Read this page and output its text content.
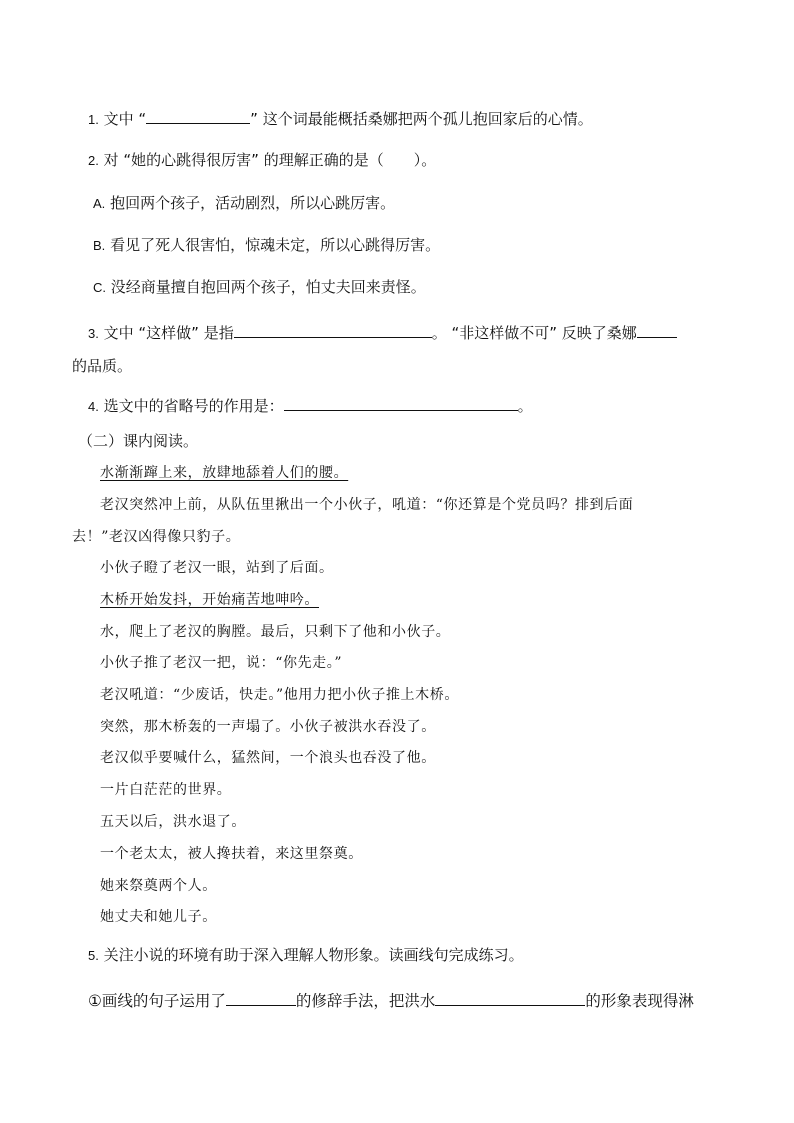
1. 文中 “	” 这个词最能概括桑娜把两个孤儿抱回家后的心情。
2. 对 “她的心跳得很厉害” 的理解正确的是（　　）。
A. 抱回两个孩子，活动剧烈，所以心跳厉害。
B. 看见了死人很害怕，惊魂未定，所以心跳得厉害。
C. 没经商量擅自抱回两个孩子，怕丈夫回来责怪。
3. 文中 “这样做” 是指	。 “非这样做不可” 反映了桑娜
的品质。
4. 选文中的省略号的作用是：	。
（二）课内阅读。
水渐渐蹿上来，放肆地舔着人们的腰。
老汉突然冲上前，从队伍里揪出一个小伙子，吼道：“你还算是个党员吗？排到后面
去！”老汉凶得像只豹子。
小伙子瞪了老汉一眼，站到了后面。
木桥开始发抖，开始痛苦地呻吟。
水，爬上了老汉的胸膛。最后，只剩下了他和小伙子。
小伙子推了老汉一把，说：“你先走。”
老汉吼道：“少废话，快走。”他用力把小伙子推上木桥。
突然，那木桥轰的一声塌了。小伙子被洪水吞没了。
老汉似乎要喊什么，猛然间，一个浪头也吞没了他。
一片白茫茫的世界。
五天以后，洪水退了。
一个老太太，被人搀扶着，来这里祭奠。
她来祭奠两个人。
她丈夫和她儿子。
5. 关注小说的环境有助于深入理解人物形象。读画线句完成练习。
①画线的句子运用了	的修辞手法，把洪水	的形象表现得淋
